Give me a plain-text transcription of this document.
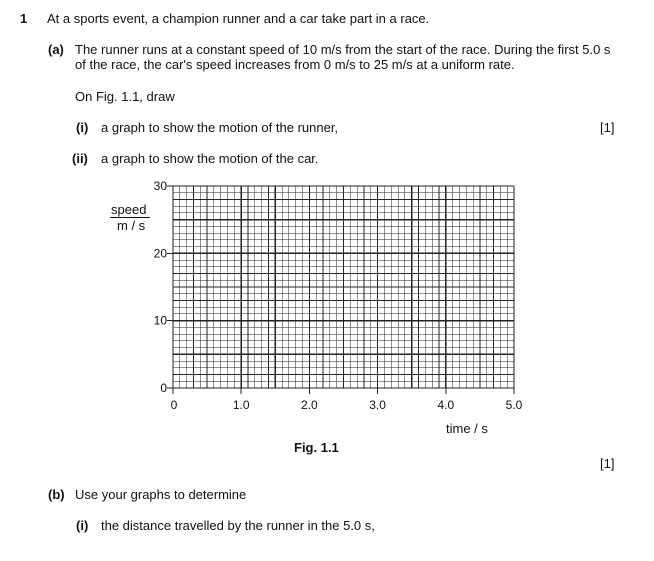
1 At a sports event, a champion runner and a car take part in a race.
(a) The runner runs at a constant speed of 10 m/s from the start of the race. During the first 5.0 s
of the race, the car's speed increases from 0 m/s to 25 m/s at a uniform rate.
On Fig. 1.1, draw
(i) a graph to show the motion of the runner,	[1]
(ii) a graph to show the motion of the car.
speed
m / s
0	1.0	2.0	3.0	4.0	5.0
0
10
20
30
time / s
Fig. 1.1
[1]
(b) Use your graphs to determine
(i) the distance travelled by the runner in the 5.0 s,
